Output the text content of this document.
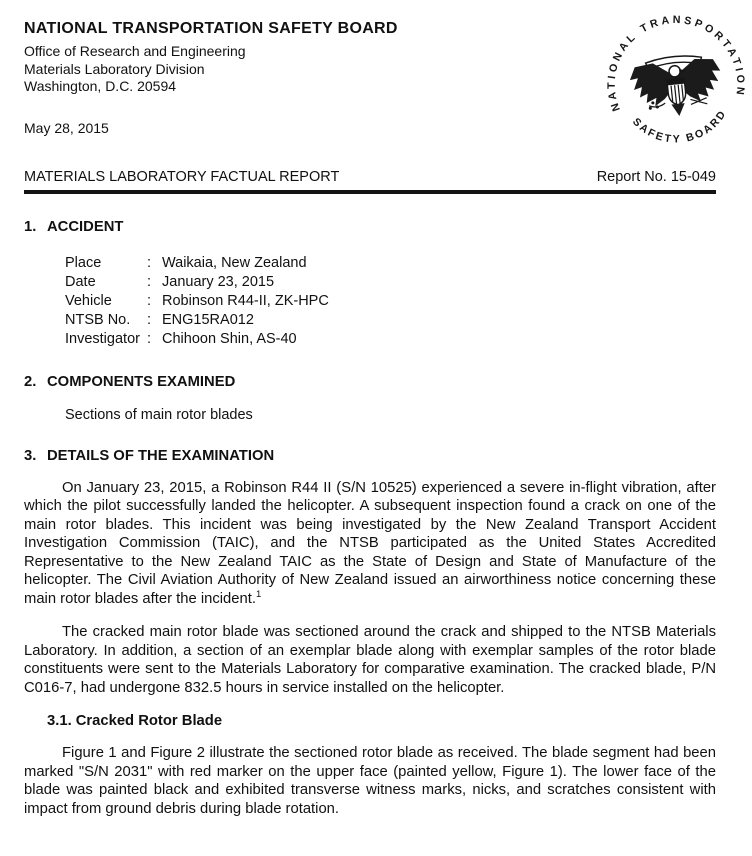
NATIONAL TRANSPORTATION SAFETY BOARD
Office of Research and Engineering
Materials Laboratory Division
Washington, D.C. 20594
May 28, 2015
NATIONAL TRANSPORTATION
SAFETY BOARD
MATERIALS LABORATORY FACTUAL REPORT	Report No. 15-049
1. ACCIDENT
Place	: Waikaia, New Zealand
Date	: January 23, 2015
Vehicle	: Robinson R44-II, ZK-HPC
NTSB No.	: ENG15RA012
Investigator : Chihoon Shin, AS-40
2. COMPONENTS EXAMINED
Sections of main rotor blades
3. DETAILS OF THE EXAMINATION

On January 23, 2015, a Robinson R44 II (S/N 10525) experienced a severe in-flight vibration, after which the pilot successfully landed the helicopter. A subsequent inspection found a crack on one of the main rotor blades. This incident was being investigated by the New Zealand Transport Accident Investigation Commission (TAIC), and the NTSB participated as the United States Accredited Representative to the New Zealand TAIC as the State of Design and State of Manufacture of the helicopter. The Civil Aviation Authority of New Zealand issued an airworthiness notice concerning these main rotor blades after the incident.$^1$

The cracked main rotor blade was sectioned around the crack and shipped to the NTSB Materials Laboratory. In addition, a section of an exemplar blade along with exemplar samples of the rotor blade constituents were sent to the Materials Laboratory for comparative examination. The cracked blade, P/N C016-7, had undergone 832.5 hours in service installed on the helicopter.

3.1. Cracked Rotor Blade

Figure 1 and Figure 2 illustrate the sectioned rotor blade as received. The blade segment had been marked "S/N 2031" with red marker on the upper face (painted yellow, Figure 1). The lower face of the blade was painted black and exhibited transverse witness marks, nicks, and scratches consistent with impact from ground debris during blade rotation.
